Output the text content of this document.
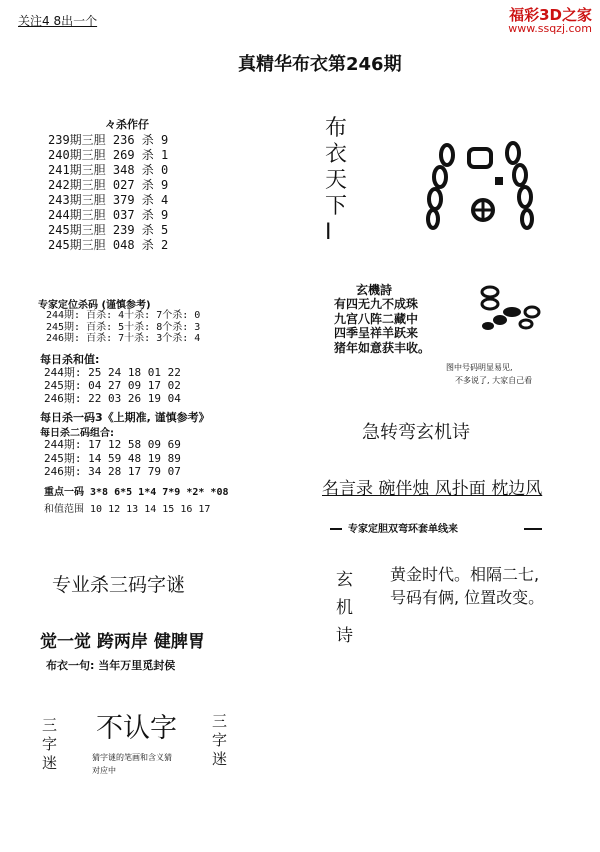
关注4 8出一个	福彩3D之家
www.ssqzj.com
真精华布衣第246期
々杀作仔
239期三胆 236 杀 9
240期三胆 269 杀 1
241期三胆 348 杀 0
242期三胆 027 杀 9
243期三胆 379 杀 4
244期三胆 037 杀 9
245期三胆 239 杀 5
245期三胆 048 杀 2
专家定位杀码 (谨慎参考)
244期: 百杀: 4十杀: 7个杀: 0
245期: 百杀: 5十杀: 8个杀: 3
246期: 百杀: 7十杀: 3个杀: 4
每日杀和值:
244期: 25 24 18 01 22
245期: 04 27 09 17 02
246期: 22 03 26 19 04
每日杀一码3《上期准, 谨慎参考》
每日杀二码组合:
244期: 17 12 58 09 69
245期: 14 59 48 19 89
246期: 34 28 17 79 07
重点一码 3*8 6*5 1*4 7*9 *2* *08
和值范围 10 12 13 14 15 16 17
专业杀三码字谜
觉一觉 跨两岸 健脾胃
布衣一句: 当年万里觅封侯
三
字
迷
不认字
猜字谜的笔画和含义猜
对应中
三
字
迷
布
衣
天
下
I
玄機詩
有四无九不成珠
九宫八阵二藏中
四季呈祥羊跃来
猪年如意获丰收。
图中号码明显易见,
不多说了, 大家自己看
急转弯玄机诗
名言录 碗伴烛 风扑面 枕边风
专家定胆双弯环套单线来
玄
机
诗
黄金时代。相隔二七,
号码有俩, 位置改变。
